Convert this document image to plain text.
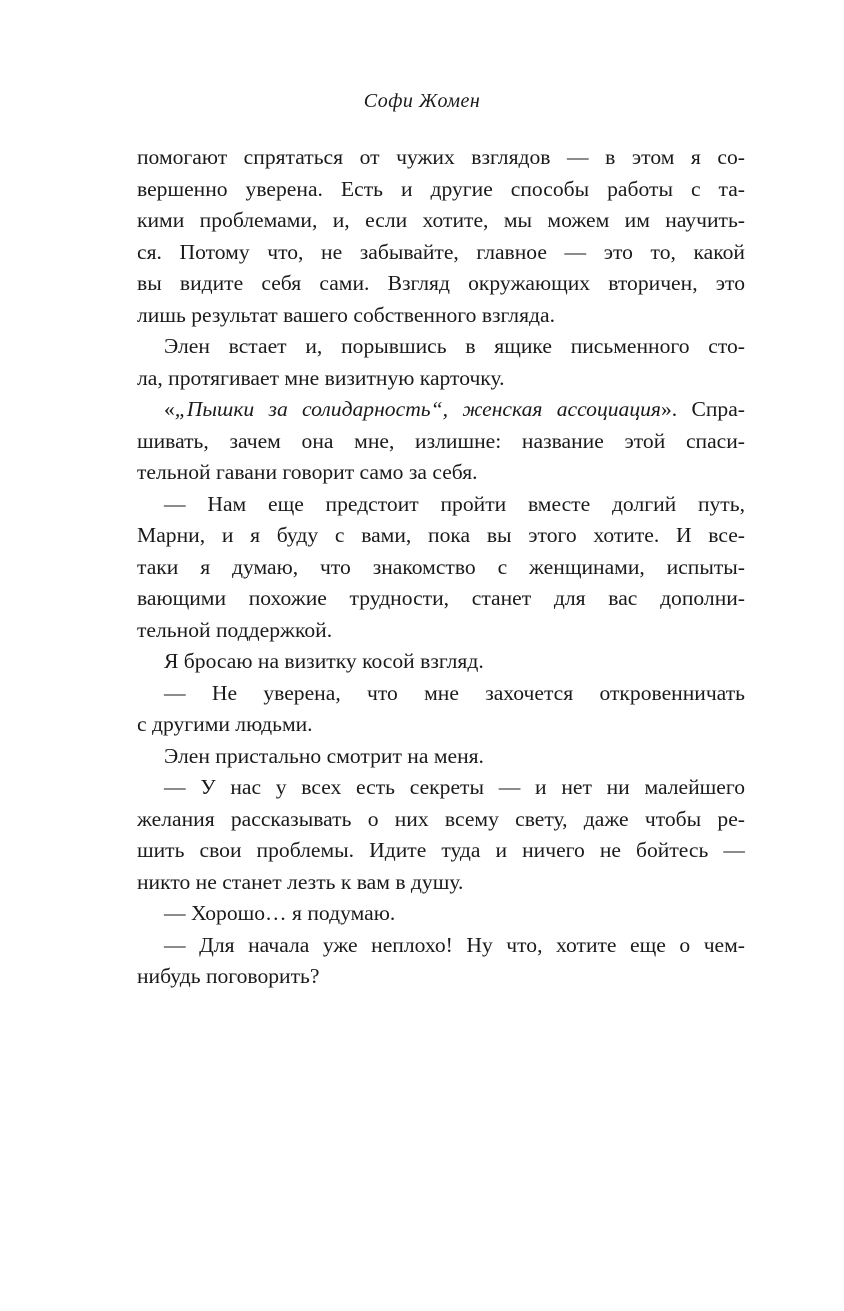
Софи Жомен
помогают спрятаться от чужих взглядов — в этом я со-
вершенно уверена. Есть и другие способы работы с та-
кими проблемами, и, если хотите, мы можем им научить-
ся. Потому что, не забывайте, главное — это то, какой
вы видите себя сами. Взгляд окружающих вторичен, это
лишь результат вашего собственного взгляда.
Элен встает и, порывшись в ящике письменного сто-
ла, протягивает мне визитную карточку.
«„Пышки за солидарность“, женская ассоциация». Спра-
шивать, зачем она мне, излишне: название этой спаси-
тельной гавани говорит само за себя.
— Нам еще предстоит пройти вместе долгий путь,
Марни, и я буду с вами, пока вы этого хотите. И все-
таки я думаю, что знакомство с женщинами, испыты-
вающими похожие трудности, станет для вас дополни-
тельной поддержкой.
Я бросаю на визитку косой взгляд.
— Не уверена, что мне захочется откровенничать
с другими людьми.
Элен пристально смотрит на меня.
— У нас у всех есть секреты — и нет ни малейшего
желания рассказывать о них всему свету, даже чтобы ре-
шить свои проблемы. Идите туда и ничего не бойтесь —
никто не станет лезть к вам в душу.
— Хорошо… я подумаю.
— Для начала уже неплохо! Ну что, хотите еще о чем-
нибудь поговорить?
